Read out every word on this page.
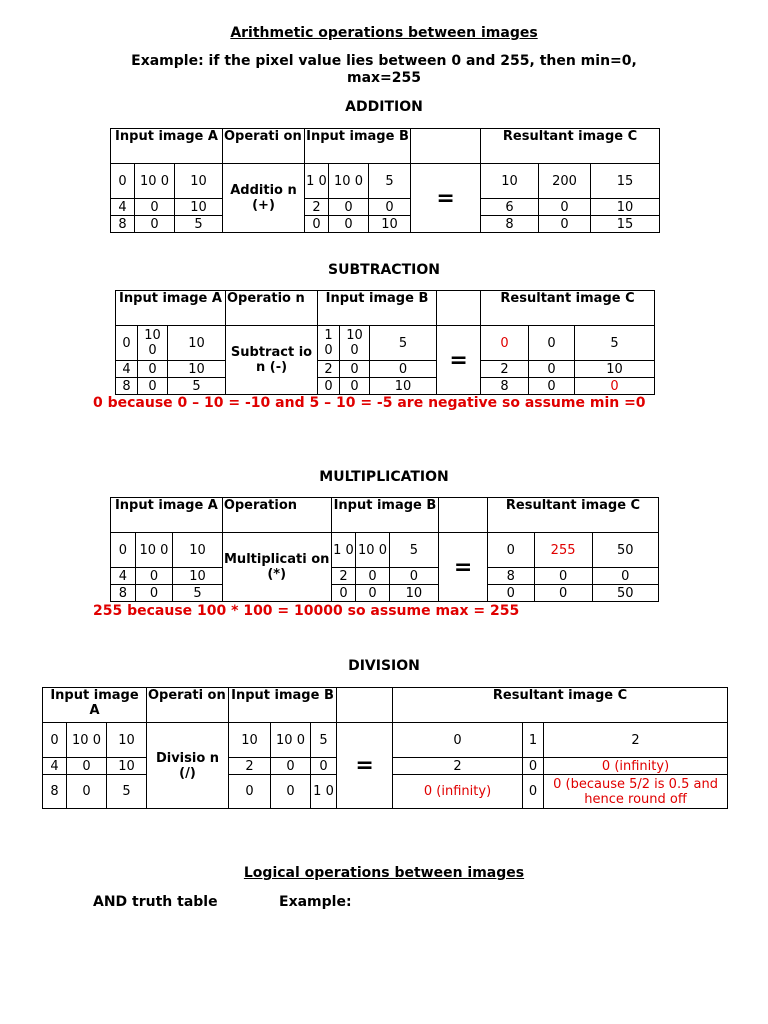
Arithmetic operations between images
Example: if the pixel value lies between 0 and 255, then min=0, max=255
ADDITION
Input image A			Operati on	Input image B				Resultant image C		
0	10 0	10	Additio n (+)	1 0	10 0	5	=	10	200	15
4	0	10		2	0	0		6	0	10
8	0	5		0	0	10		8	0	15
SUBTRACTION
Input image A			Operatio n	Input image B				Resultant image C		
0	10 0	10	Subtract ion (-)	1 0	10 0	5	=	0	0	5
4	0	10		2	0	0		2	0	10
8	0	5		0	0	10		8	0	0
0 because 0 – 10 = -10 and 5 – 10 = -5 are negative so assume min =0
MULTIPLICATION
Input image A			Operation	Input image B				Resultant image C		
0	10 0	10	Multiplicati on (*)	1 0	10 0	5	=	0	255	50
4	0	10		2	0	0		8	0	0
8	0	5		0	0	10		0	0	50
255 because 100 * 100 = 10000 so assume max = 255
DIVISION
Input image A			Operati on	Input image B				Resultant image C		
0	10 0	10	Divisio n (/)	10	10 0	5	=	0	1	2
4	0	10		2	0	0		2	0	0 (infinity)
8	0	5		0	0	1 0		0 (infinity)	0	0 (because 5/2 is 0.5 and hence round off
Logical operations between images
AND truth table	Example:
